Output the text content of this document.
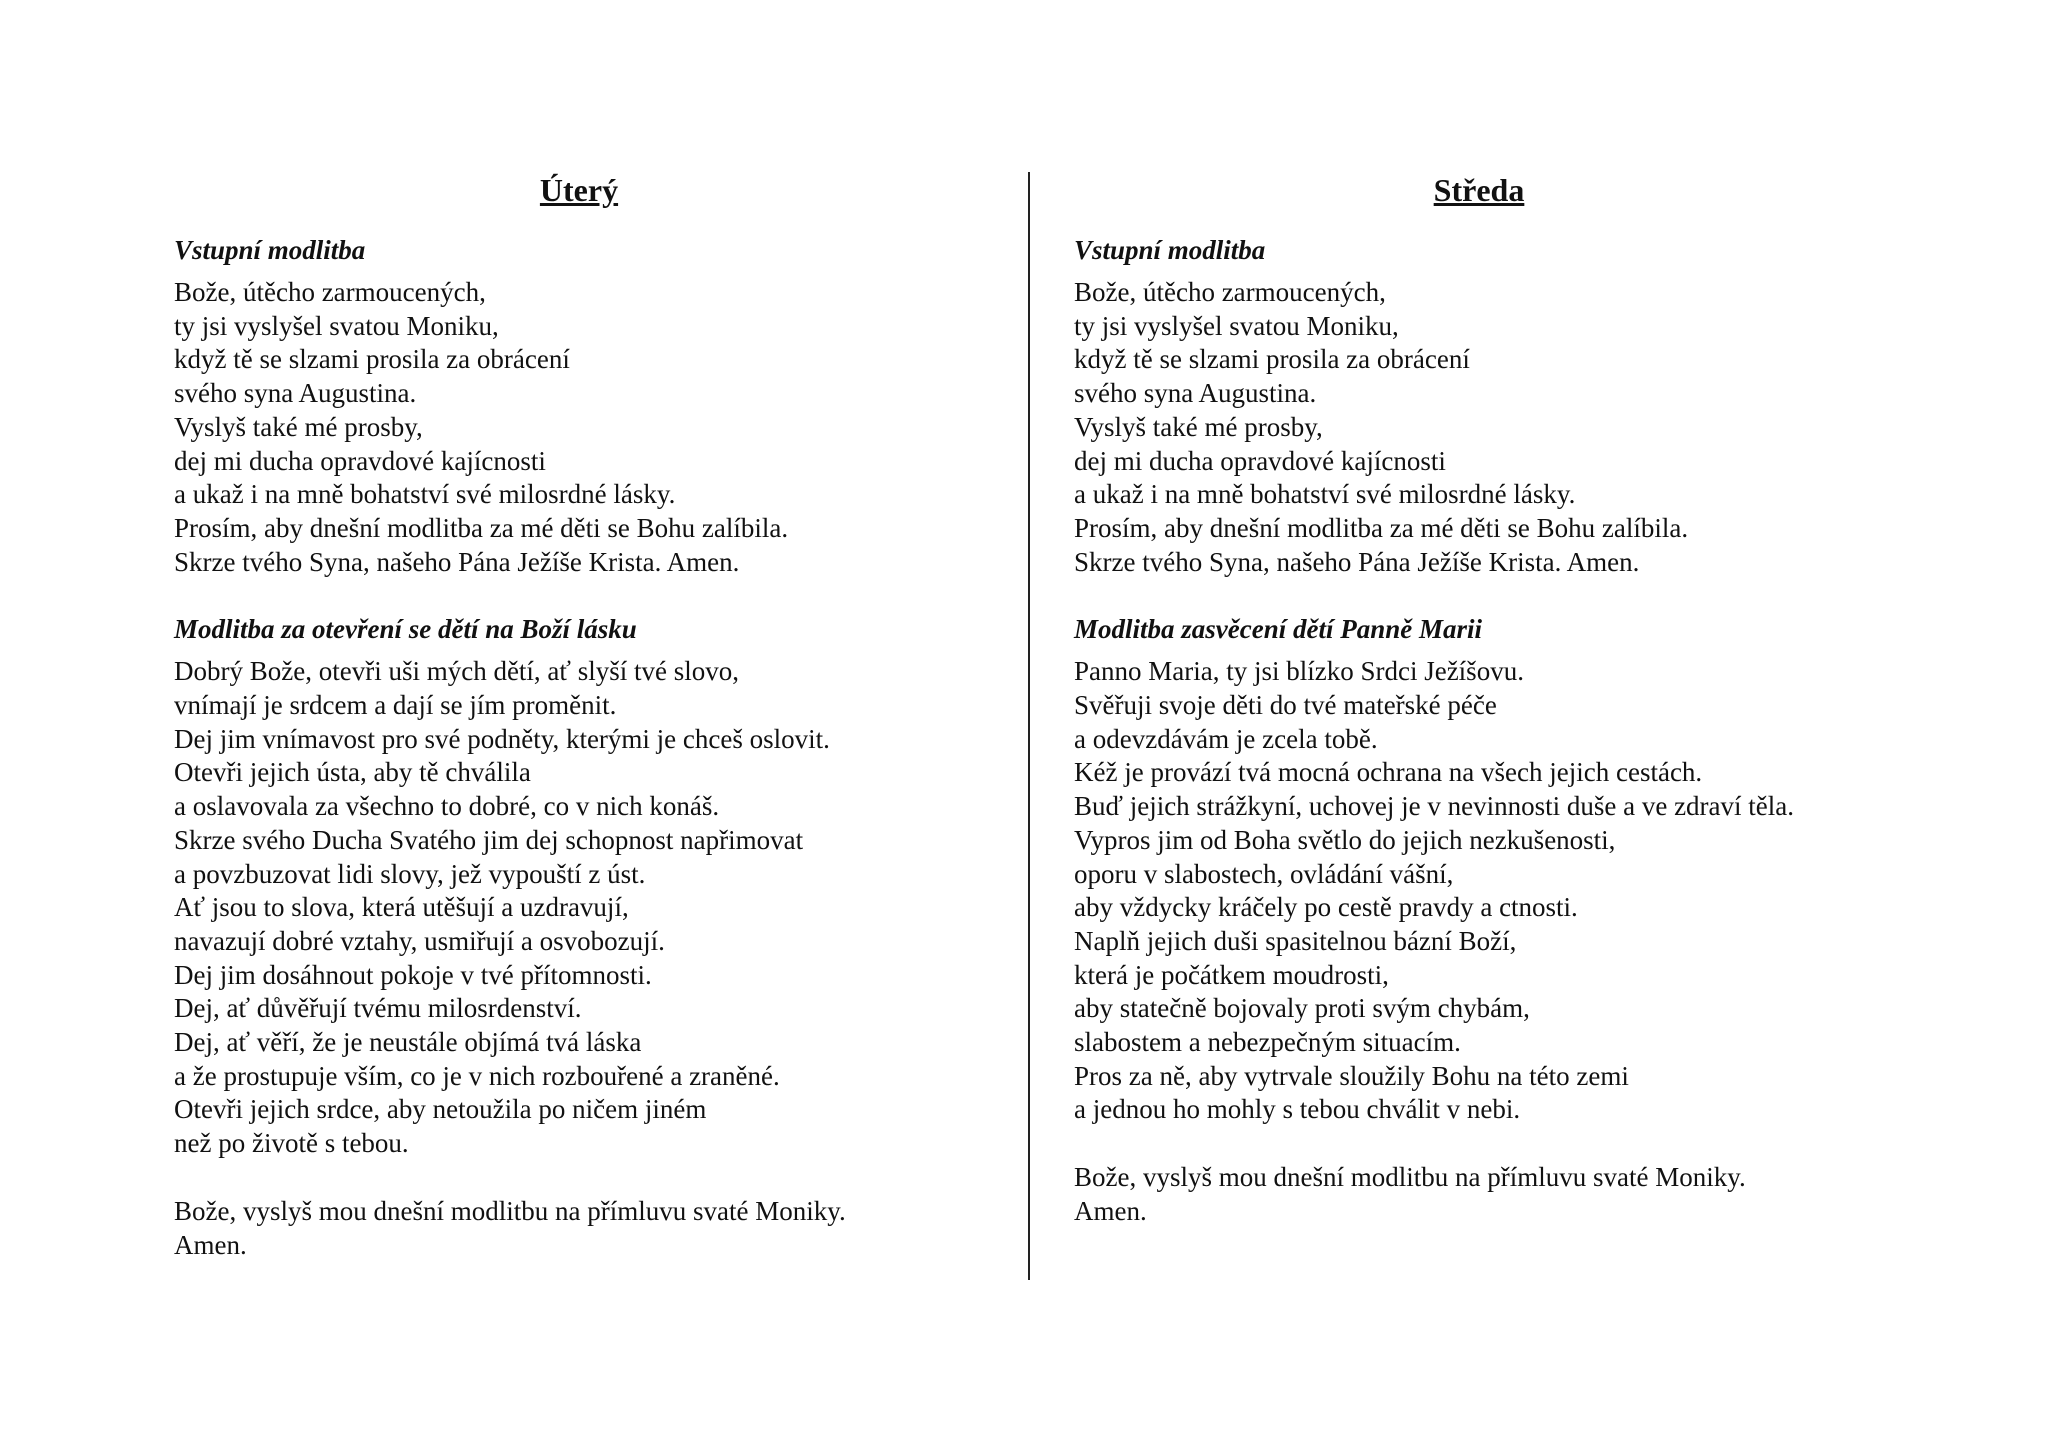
Úterý
Vstupní modlitba
Bože, útěcho zarmoucených,
ty jsi vyslyšel svatou Moniku,
když tě se slzami prosila za obrácení
svého syna Augustina.
Vyslyš také mé prosby,
dej mi ducha opravdové kajícnosti
a ukaž i na mně bohatství své milosrdné lásky.
Prosím, aby dnešní modlitba za mé děti se Bohu zalíbila.
Skrze tvého Syna, našeho Pána Ježíše Krista. Amen.
Modlitba za otevření se dětí na Boží lásku
Dobrý Bože, otevři uši mých dětí, ať slyší tvé slovo,
vnímají je srdcem a dají se jím proměnit.
Dej jim vnímavost pro své podněty, kterými je chceš oslovit.
Otevři jejich ústa, aby tě chválila
a oslavovala za všechno to dobré, co v nich konáš.
Skrze svého Ducha Svatého jim dej schopnost napřimovat
a povzbuzovat lidi slovy, jež vypouští z úst.
Ať jsou to slova, která utěšují a uzdravují,
navazují dobré vztahy, usmiřují a osvobozují.
Dej jim dosáhnout pokoje v tvé přítomnosti.
Dej, ať důvěřují tvému milosrdenství.
Dej, ať věří, že je neustále objímá tvá láska
a že prostupuje vším, co je v nich rozbouřené a zraněné.
Otevři jejich srdce, aby netoužila po ničem jiném
než po životě s tebou.
Bože, vyslyš mou dnešní modlitbu na přímluvu svaté Moniky.
Amen.
Středa
Vstupní modlitba
Bože, útěcho zarmoucených,
ty jsi vyslyšel svatou Moniku,
když tě se slzami prosila za obrácení
svého syna Augustina.
Vyslyš také mé prosby,
dej mi ducha opravdové kajícnosti
a ukaž i na mně bohatství své milosrdné lásky.
Prosím, aby dnešní modlitba za mé děti se Bohu zalíbila.
Skrze tvého Syna, našeho Pána Ježíše Krista. Amen.
Modlitba zasvěcení dětí Panně Marii
Panno Maria, ty jsi blízko Srdci Ježíšovu.
Svěřuji svoje děti do tvé mateřské péče
a odevzdávám je zcela tobě.
Kéž je provází tvá mocná ochrana na všech jejich cestách.
Buď jejich strážkyní, uchovej je v nevinnosti duše a ve zdraví těla.
Vypros jim od Boha světlo do jejich nezkušenosti,
oporu v slabostech, ovládání vášní,
aby vždycky kráčely po cestě pravdy a ctnosti.
Naplň jejich duši spasitelnou bázní Boží,
která je počátkem moudrosti,
aby statečně bojovaly proti svým chybám,
slabostem a nebezpečným situacím.
Pros za ně, aby vytrvale sloužily Bohu na této zemi
a jednou ho mohly s tebou chválit v nebi.
Bože, vyslyš mou dnešní modlitbu na přímluvu svaté Moniky.
Amen.
